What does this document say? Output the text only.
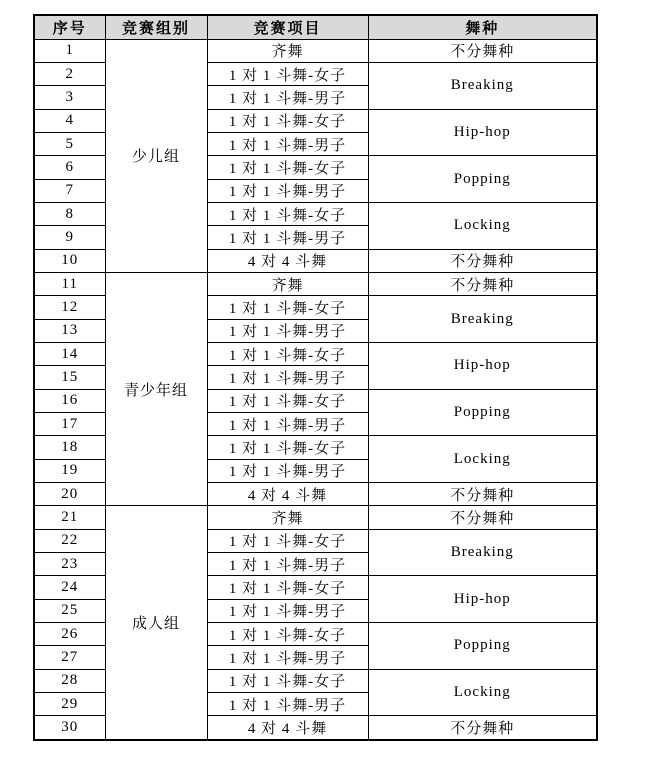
序号	竞赛组别	竞赛项目	舞种
1	少儿组	齐舞	不分舞种
2		1 对 1 斗舞-女子	Breaking
3		1 对 1 斗舞-男子	
4		1 对 1 斗舞-女子	Hip-hop
5		1 对 1 斗舞-男子	
6		1 对 1 斗舞-女子	Popping
7		1 对 1 斗舞-男子	
8		1 对 1 斗舞-女子	Locking
9		1 对 1 斗舞-男子	
10		4 对 4 斗舞	不分舞种
11	青少年组	齐舞	不分舞种
12		1 对 1 斗舞-女子	Breaking
13		1 对 1 斗舞-男子	
14		1 对 1 斗舞-女子	Hip-hop
15		1 对 1 斗舞-男子	
16		1 对 1 斗舞-女子	Popping
17		1 对 1 斗舞-男子	
18		1 对 1 斗舞-女子	Locking
19		1 对 1 斗舞-男子	
20		4 对 4 斗舞	不分舞种
21	成人组	齐舞	不分舞种
22		1 对 1 斗舞-女子	Breaking
23		1 对 1 斗舞-男子	
24		1 对 1 斗舞-女子	Hip-hop
25		1 对 1 斗舞-男子	
26		1 对 1 斗舞-女子	Popping
27		1 对 1 斗舞-男子	
28		1 对 1 斗舞-女子	Locking
29		1 对 1 斗舞-男子	
30		4 对 4 斗舞	不分舞种
